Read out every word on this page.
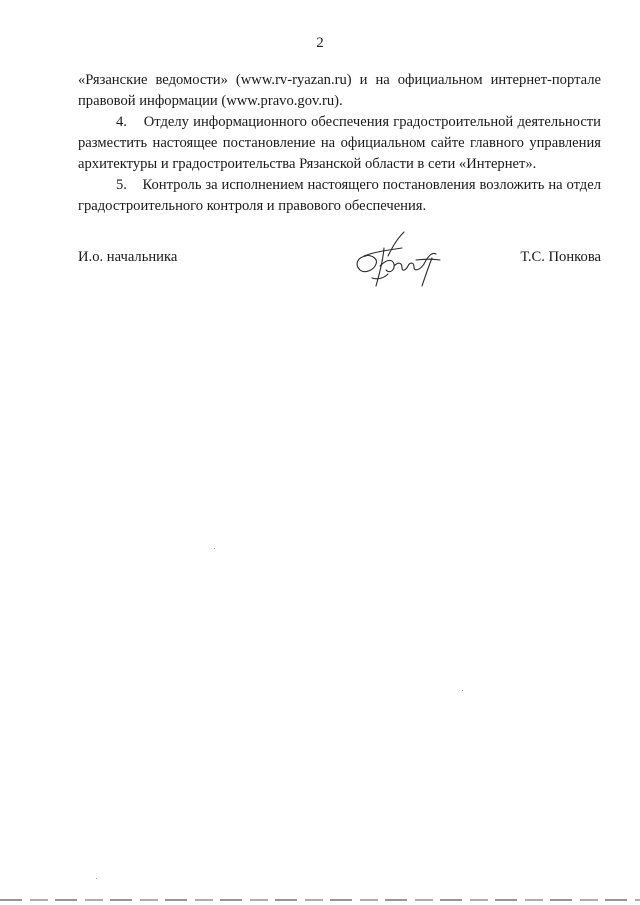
2

«Рязанские ведомости» (www.rv-ryazan.ru) и на официальном интернет-портале правовой информации (www.pravo.gov.ru).

4.    Отделу информационного обеспечения градостроительной деятельности разместить настоящее постановление на официальном сайте главного управления архитектуры и градостроительства Рязанской области в сети «Интернет».

5.    Контроль за исполнением настоящего постановления возложить на отдел градостроительного контроля и правового обеспечения.

И.о. начальника	Т.С. Понкова
